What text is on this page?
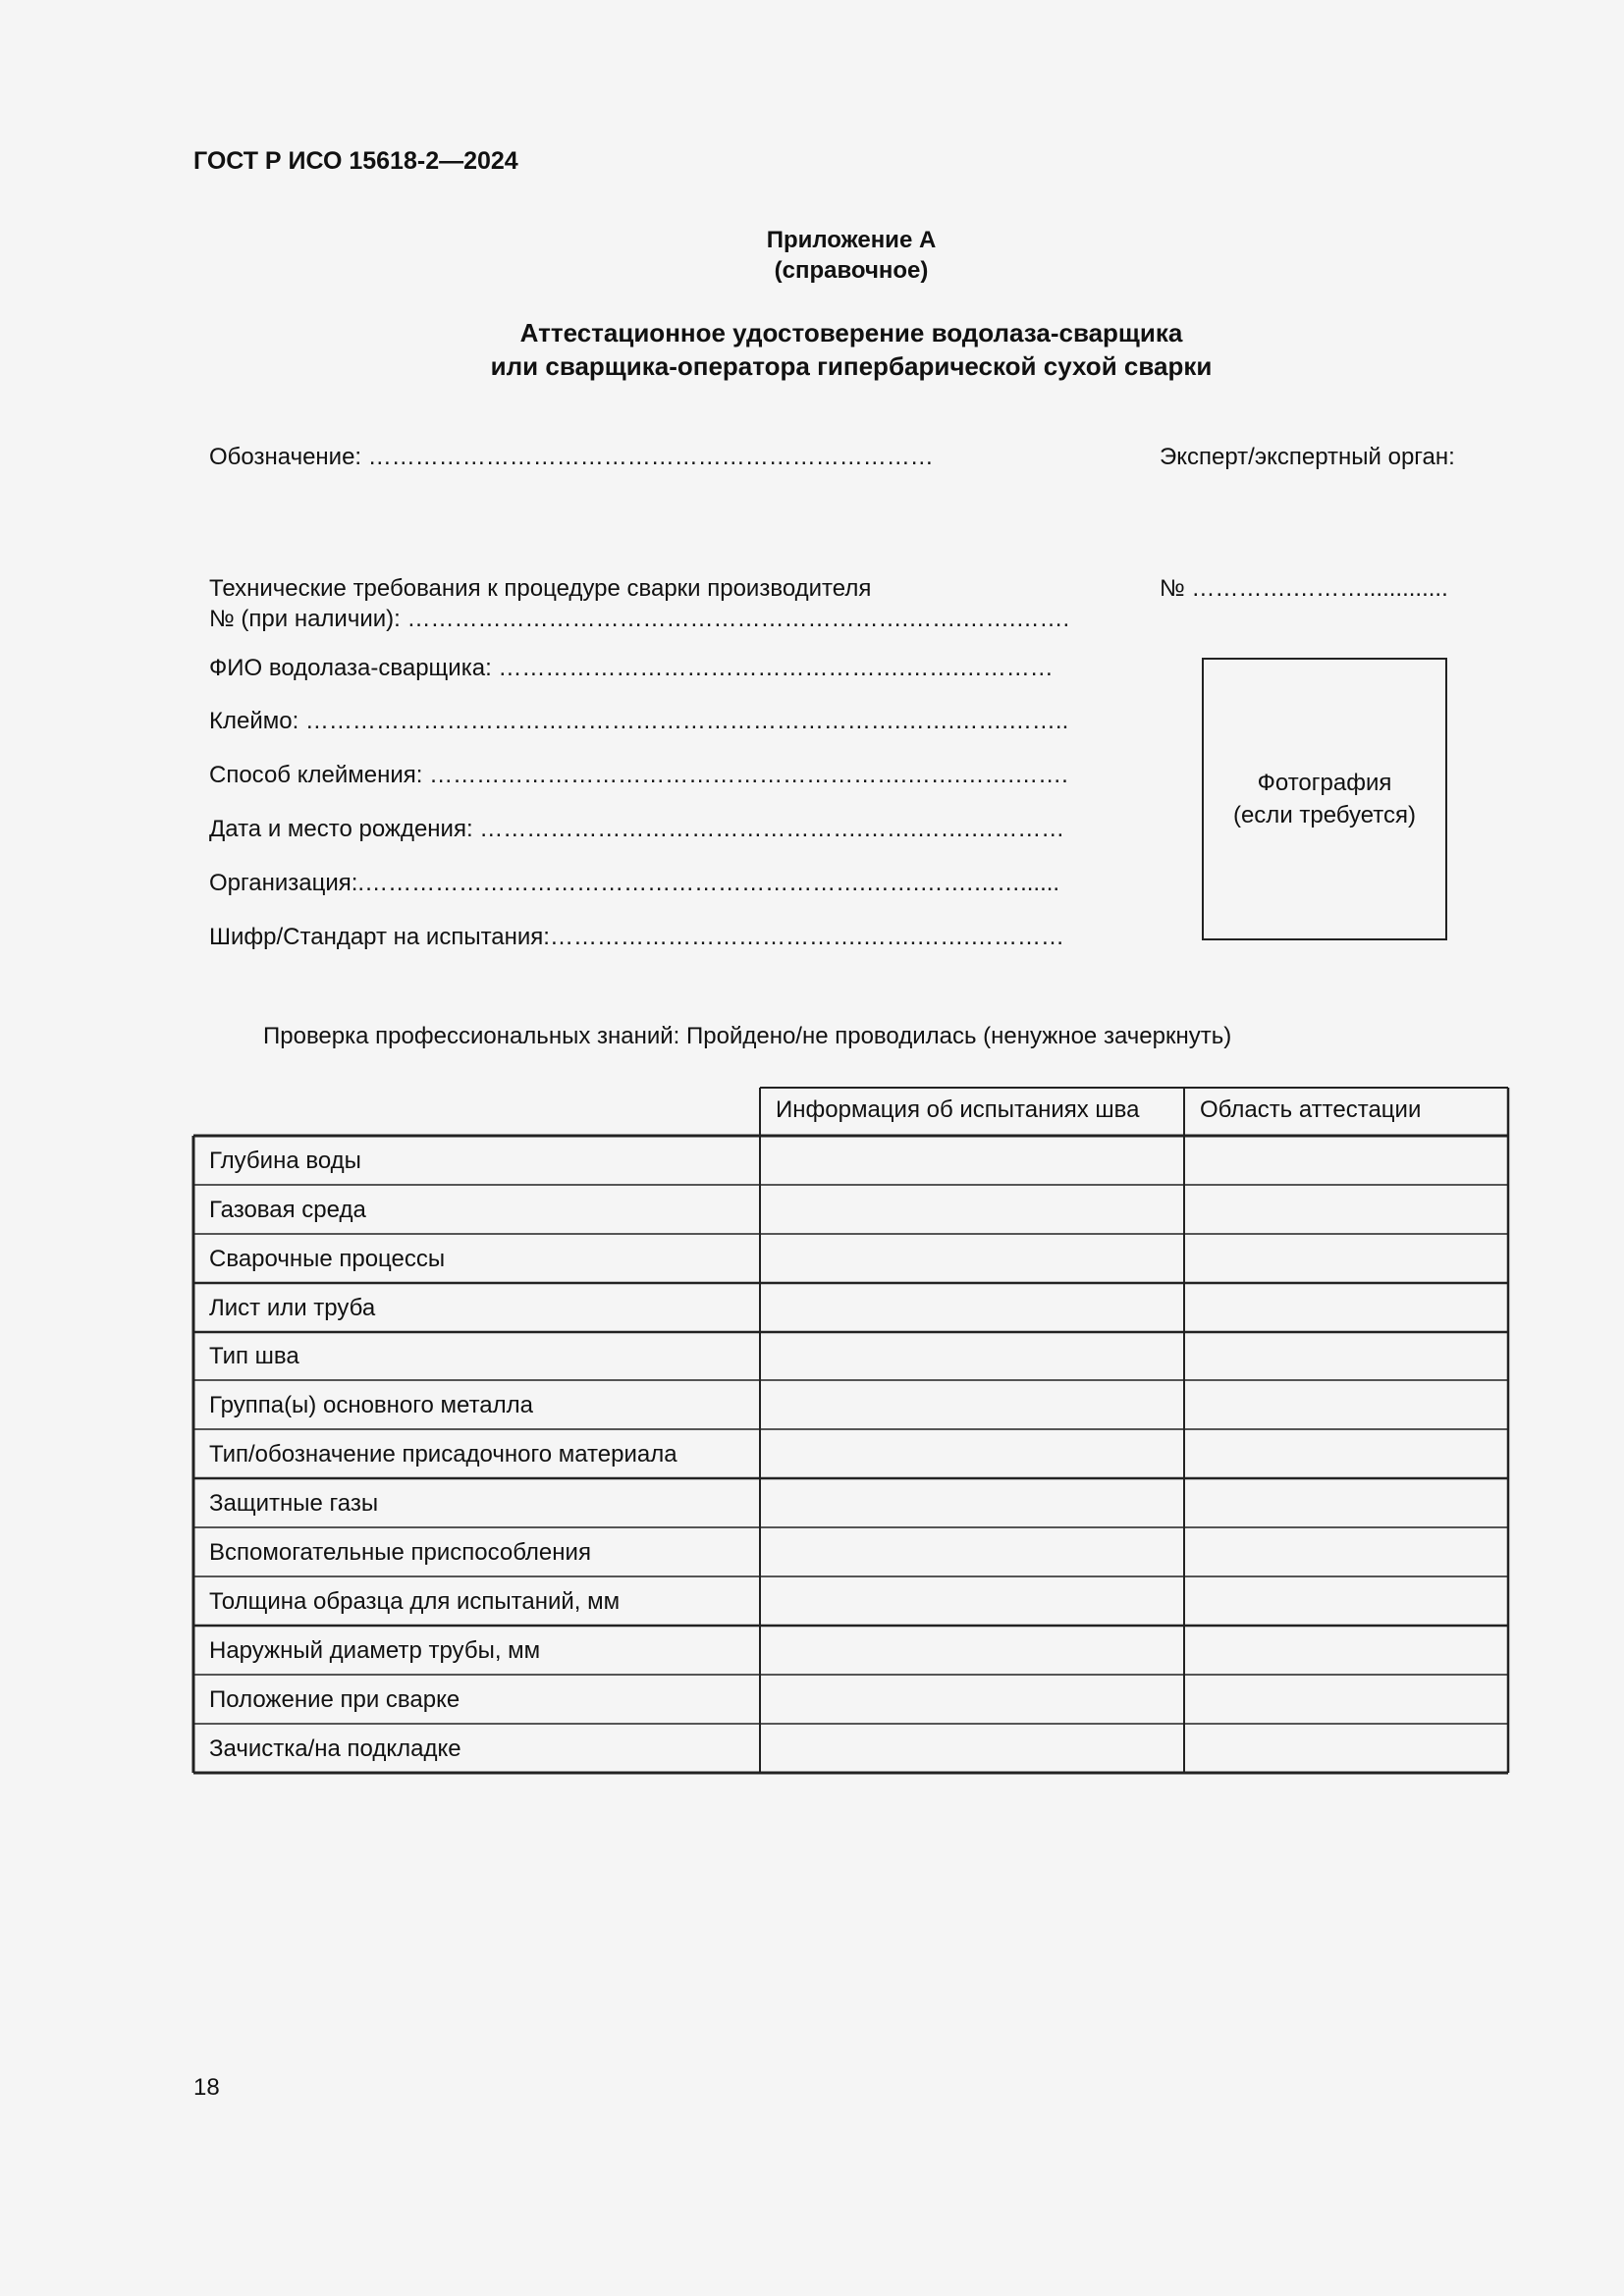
ГОСТ Р ИСО 15618-2—2024
Приложение А
(справочное)
Аттестационное удостоверение водолаза-сварщика
или сварщика-оператора гипербарической сухой сварки
Обозначение: ………………………………………………………………	Эксперт/экспертный орган:
Технические требования к процедуре сварки производителя
№ (при наличии): ……………………………………………………….…….…….…….
№ ………….……….............
ФИО водолаза-сварщика: …………………………………………….…….…………
Клеймо: ………………………………………………………………….…….…….……..
Способ клеймения: …………………………………………………….…….…….…….
Дата и место рождения: ………………………………………….…….…….…………
Организация:.……………………………………………………….…….…….……......
Шифр/Стандарт на испытания:………………………………….…….…….…………
Фотография
(если требуется)
Проверка профессиональных знаний: Пройдено/не проводилась (ненужное зачеркнуть)
Информация об испытаниях шва	Область аттестации
Глубина воды
Газовая среда
Сварочные процессы
Лист или труба
Тип шва
Группа(ы) основного металла
Тип/обозначение присадочного материала
Защитные газы
Вспомогательные приспособления
Толщина образца для испытаний, мм
Наружный диаметр трубы, мм
Положение при сварке
Зачистка/на подкладке
18
